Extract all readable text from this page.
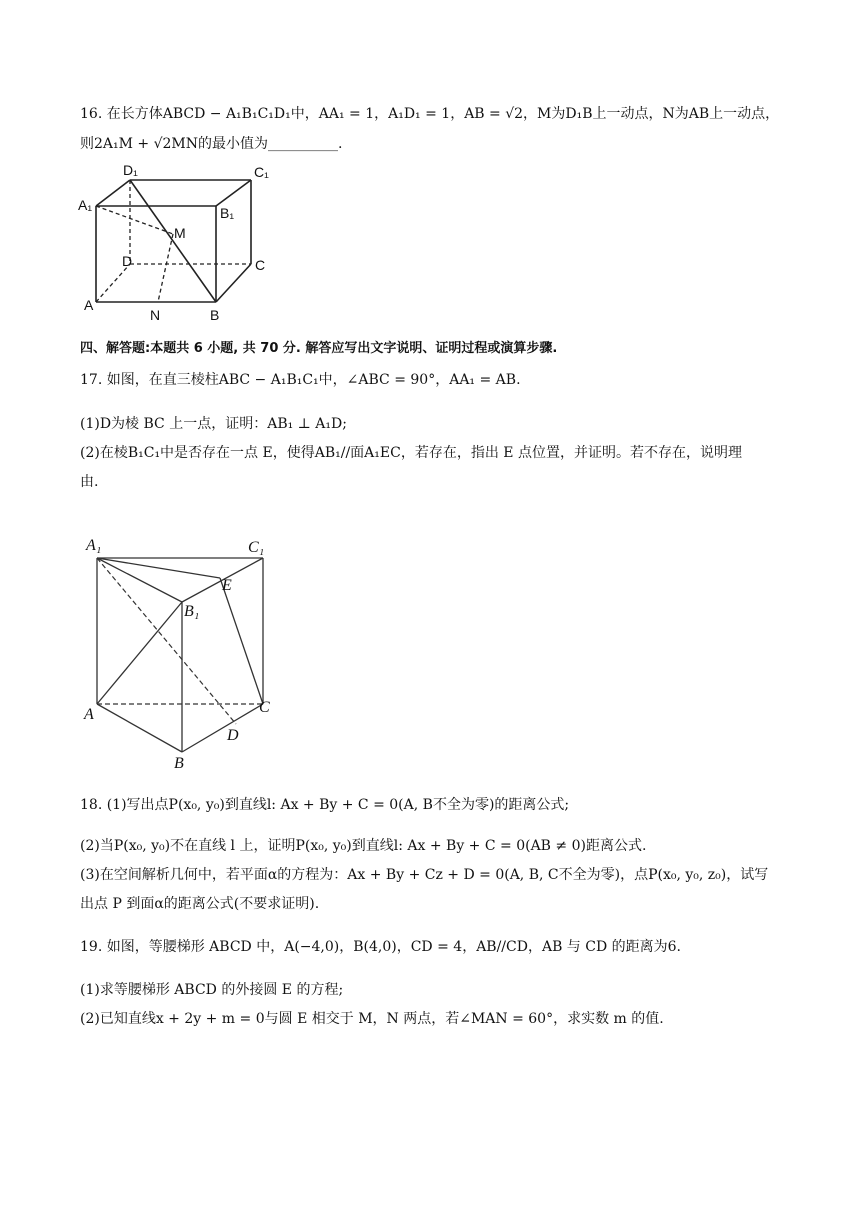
16. 在长方体ABCD − A₁B₁C₁D₁中，AA₁ = 1，A₁D₁ = 1，AB = √2，M为D₁B上一动点，N为AB上一动点，
则2A₁M + √2MN的最小值为__________.
D₁	C₁
A₁	B₁
M
D	C
A
N	B
四、解答题:本题共 6 小题, 共 70 分. 解答应写出文字说明、证明过程或演算步骤.
17. 如图，在直三棱柱ABC − A₁B₁C₁中，∠ABC = 90°，AA₁ = AB.
(1)D为棱 BC 上一点，证明：AB₁ ⊥ A₁D;
(2)在棱B₁C₁中是否存在一点 E，使得AB₁//面A₁EC，若存在，指出 E 点位置，并证明。若不存在，说明理
由.
A₁	C₁
E
B₁
A	C
D
B
18. (1)写出点P(x₀, y₀)到直线l: Ax + By + C = 0(A, B不全为零)的距离公式;
(2)当P(x₀, y₀)不在直线 l 上，证明P(x₀, y₀)到直线l: Ax + By + C = 0(AB ≠ 0)距离公式.
(3)在空间解析几何中，若平面α的方程为：Ax + By + Cz + D = 0(A, B, C不全为零)，点P(x₀, y₀, z₀)，试写
出点 P 到面α的距离公式(不要求证明).
19. 如图，等腰梯形 ABCD 中，A(−4,0)，B(4,0)，CD = 4，AB//CD，AB 与 CD 的距离为6.
(1)求等腰梯形 ABCD 的外接圆 E 的方程;
(2)已知直线x + 2y + m = 0与圆 E 相交于 M，N 两点，若∠MAN = 60°，求实数 m 的值.
